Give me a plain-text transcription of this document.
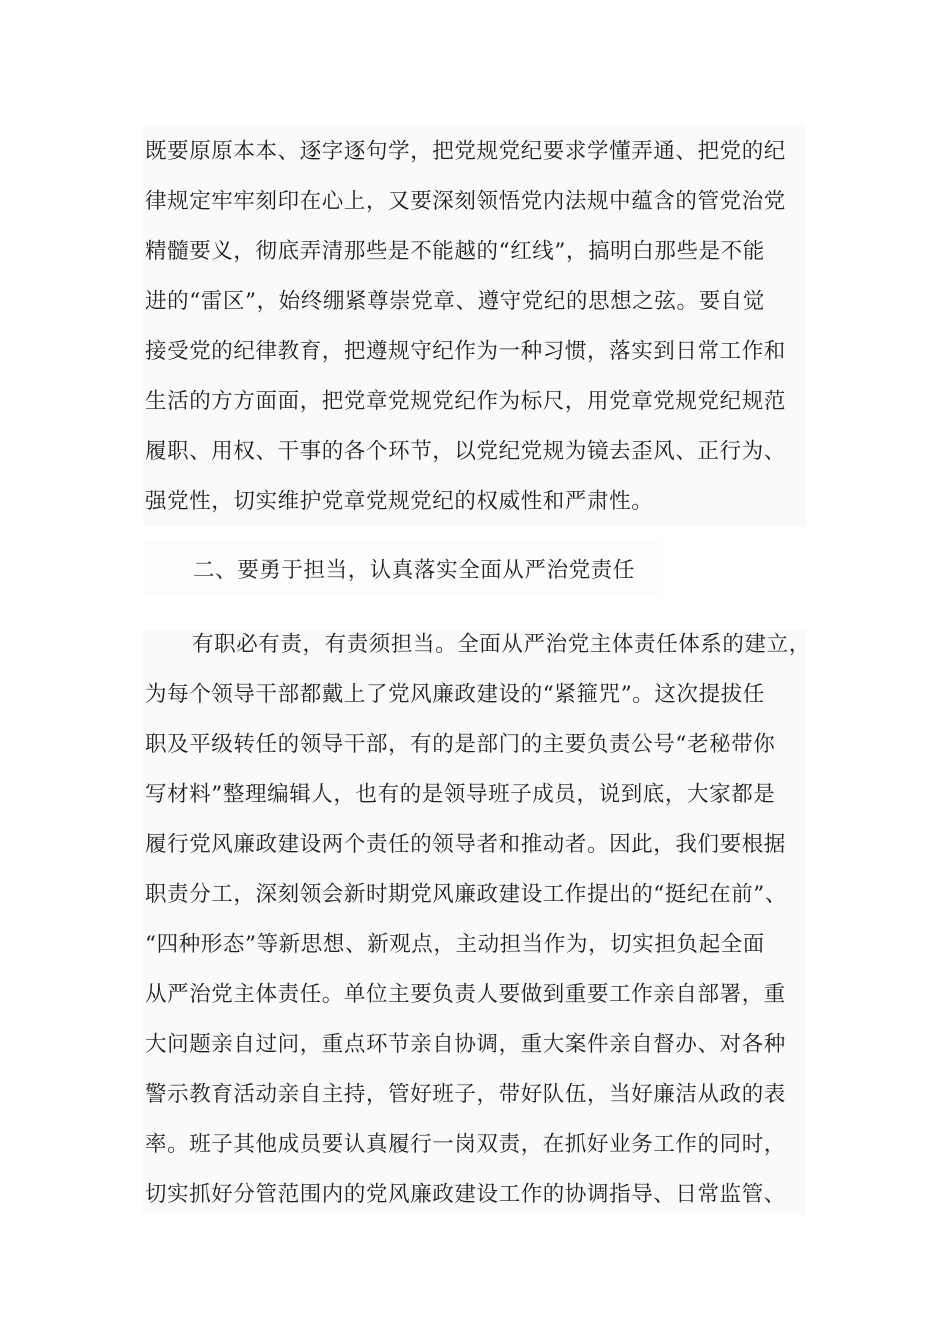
既要原原本本、逐字逐句学，把党规党纪要求学懂弄通、把党的纪
律规定牢牢刻印在心上，又要深刻领悟党内法规中蕴含的管党治党
精髓要义，彻底弄清那些是不能越的“红线”，搞明白那些是不能
进的“雷区”，始终绷紧尊崇党章、遵守党纪的思想之弦。要自觉
接受党的纪律教育，把遵规守纪作为一种习惯，落实到日常工作和
生活的方方面面，把党章党规党纪作为标尺，用党章党规党纪规范
履职、用权、干事的各个环节，以党纪党规为镜去歪风、正行为、
强党性，切实维护党章党规党纪的权威性和严肃性。
二、要勇于担当，认真落实全面从严治党责任
有职必有责，有责须担当。全面从严治党主体责任体系的建立，
为每个领导干部都戴上了党风廉政建设的“紧箍咒”。这次提拔任
职及平级转任的领导干部，有的是部门的主要负责公号“老秘带你
写材料”整理编辑人，也有的是领导班子成员，说到底，大家都是
履行党风廉政建设两个责任的领导者和推动者。因此，我们要根据
职责分工，深刻领会新时期党风廉政建设工作提出的“挺纪在前”、
“四种形态”等新思想、新观点，主动担当作为，切实担负起全面
从严治党主体责任。单位主要负责人要做到重要工作亲自部署，重
大问题亲自过问，重点环节亲自协调，重大案件亲自督办、对各种
警示教育活动亲自主持，管好班子，带好队伍，当好廉洁从政的表
率。班子其他成员要认真履行一岗双责，在抓好业务工作的同时，
切实抓好分管范围内的党风廉政建设工作的协调指导、日常监管、
